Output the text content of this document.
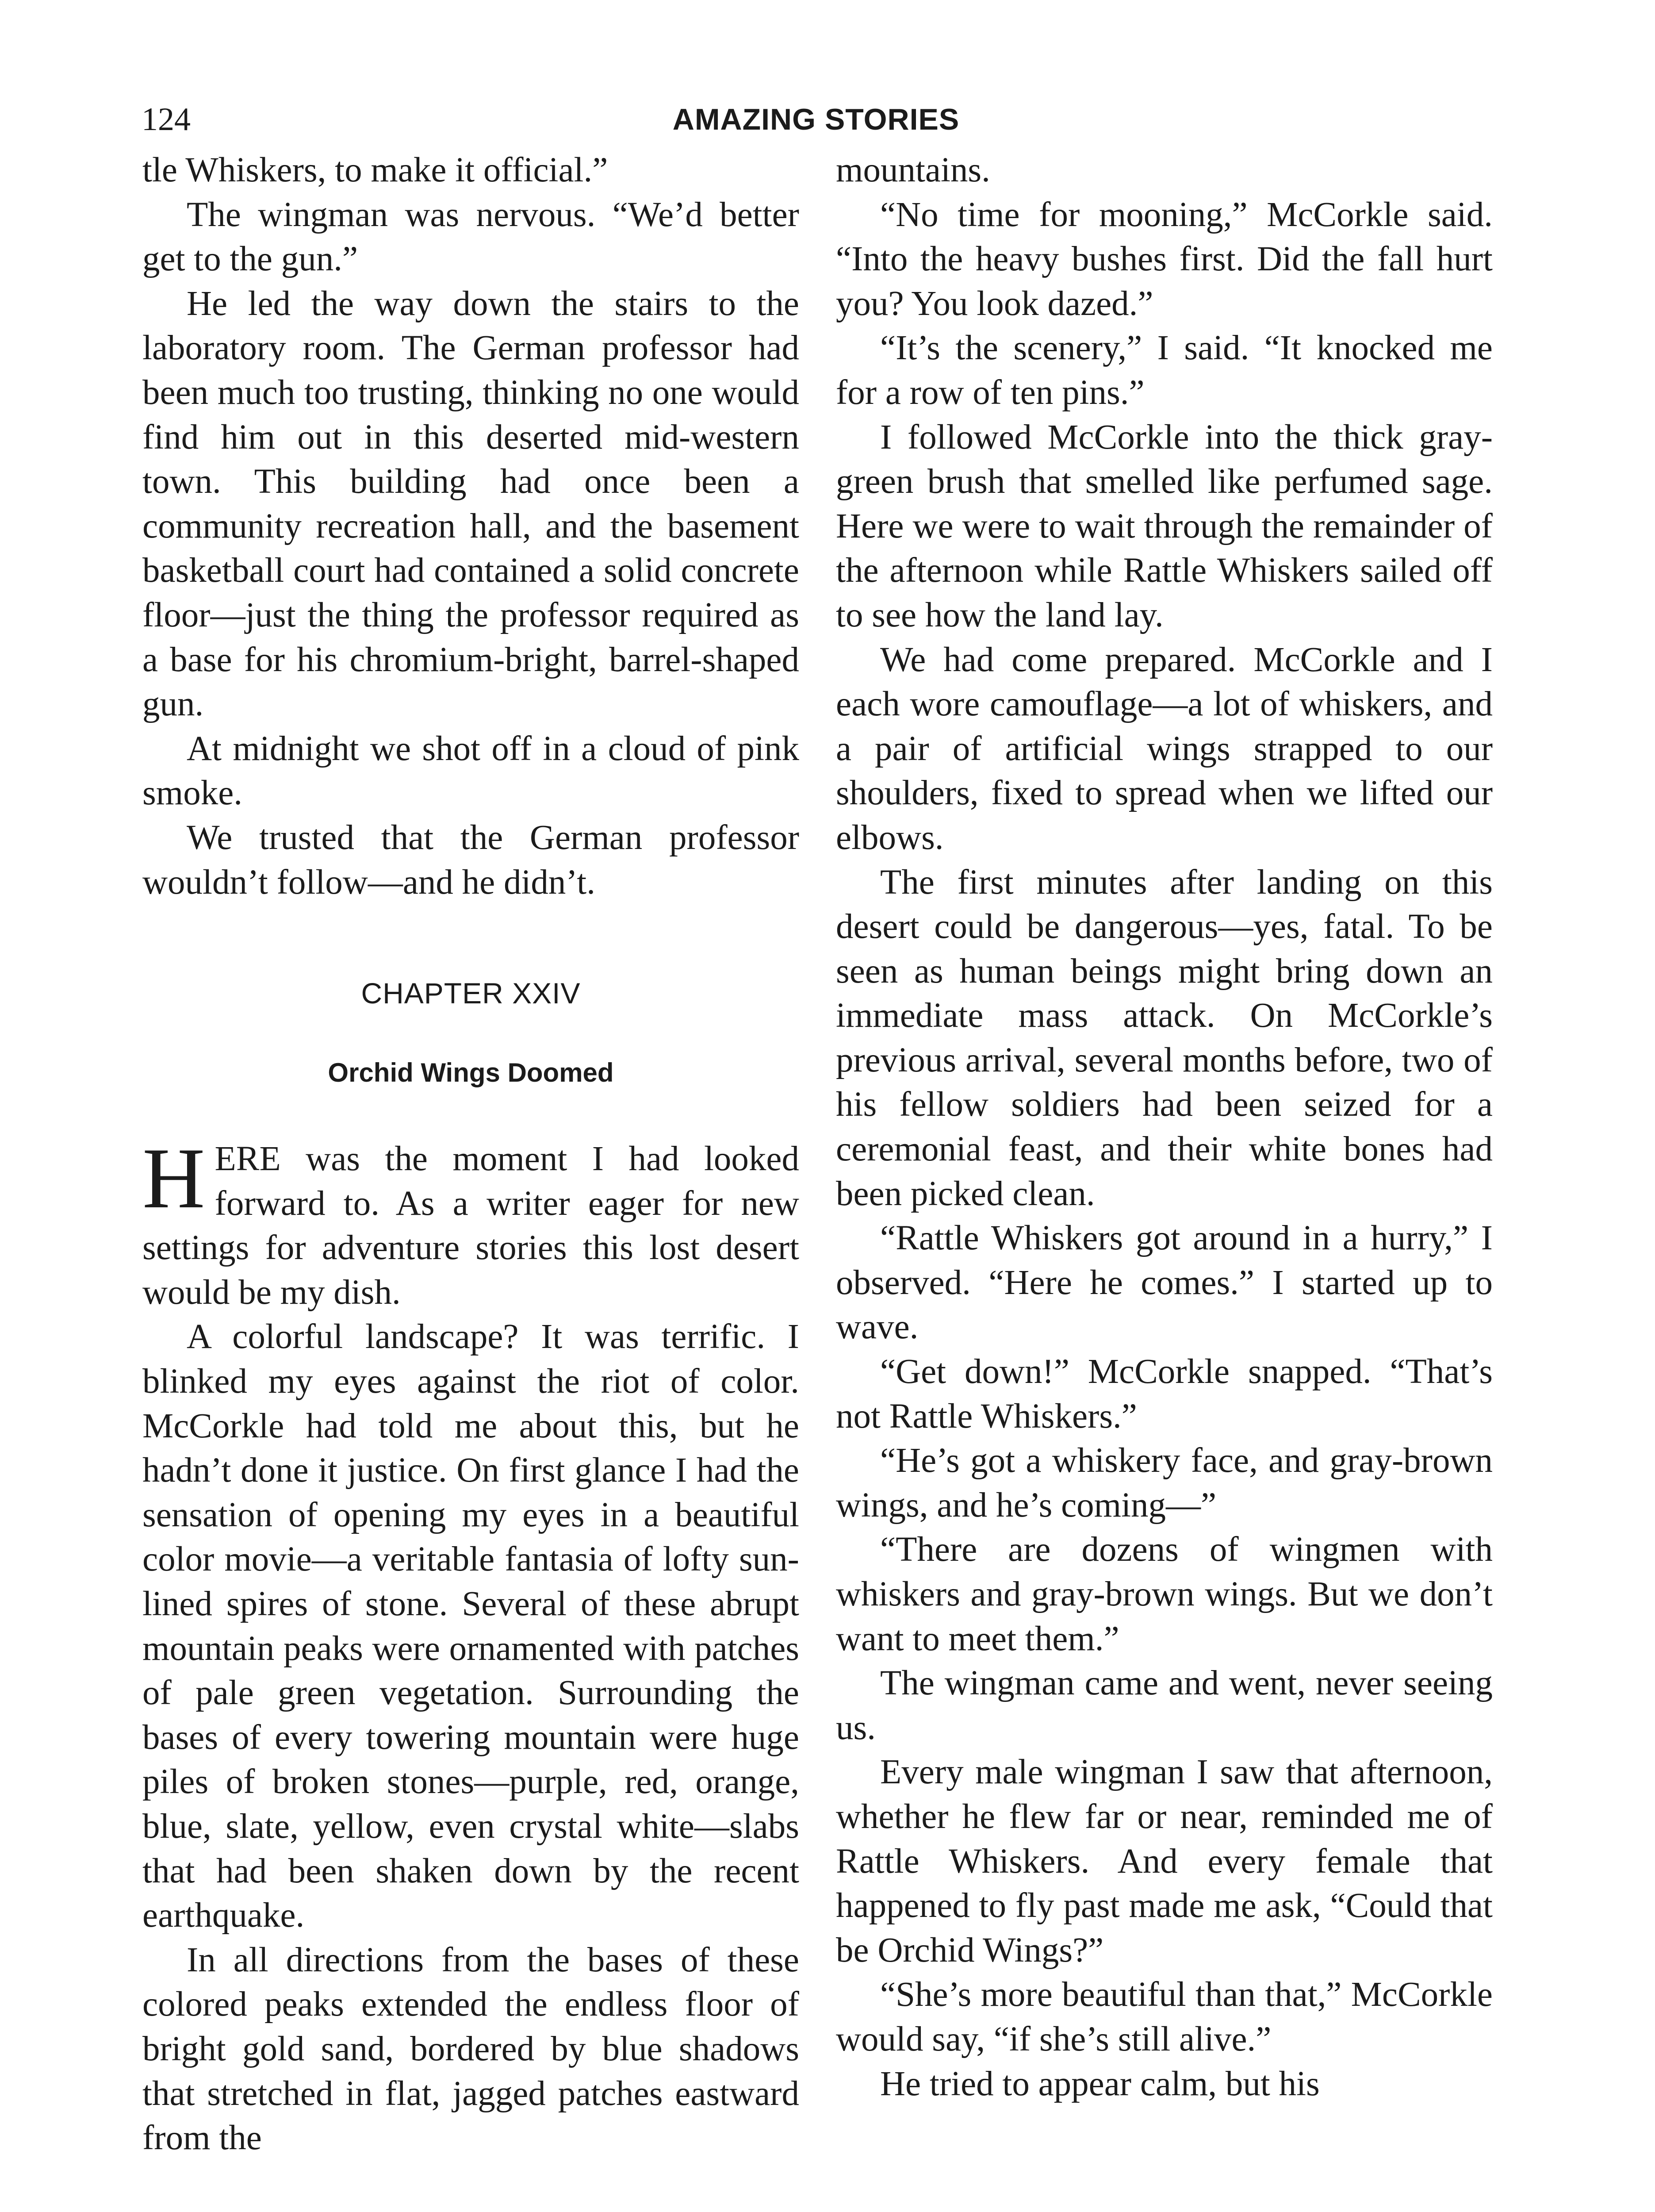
124	AMAZING STORIES

tle Whiskers, to make it official.”

The wingman was nervous. “We’d better get to the gun.”

He led the way down the stairs to the laboratory room. The German professor had been much too trusting, thinking no one would find him out in this deserted mid-western town. This building had once been a community recreation hall, and the basement basketball court had contained a solid concrete floor—just the thing the professor required as a base for his chromium-bright, barrel-shaped gun.

At midnight we shot off in a cloud of pink smoke.

We trusted that the German professor wouldn’t follow—and he didn’t.

CHAPTER XXIV
Orchid Wings Doomed

HERE was the moment I had looked forward to. As a writer eager for new settings for adventure stories this lost desert would be my dish.

A colorful landscape? It was terrific. I blinked my eyes against the riot of color. McCorkle had told me about this, but he hadn’t done it justice. On first glance I had the sensation of opening my eyes in a beautiful color movie—a veritable fantasia of lofty sun-lined spires of stone. Several of these abrupt mountain peaks were ornamented with patches of pale green vegetation. Surrounding the bases of every towering mountain were huge piles of broken stones—purple, red, orange, blue, slate, yellow, even crystal white—slabs that had been shaken down by the recent earthquake.

In all directions from the bases of these colored peaks extended the endless floor of bright gold sand, bordered by blue shadows that stretched in flat, jagged patches eastward from the

mountains.

“No time for mooning,” McCorkle said. “Into the heavy bushes first. Did the fall hurt you? You look dazed.”

“It’s the scenery,” I said. “It knocked me for a row of ten pins.”

I followed McCorkle into the thick gray-green brush that smelled like perfumed sage. Here we were to wait through the remainder of the afternoon while Rattle Whiskers sailed off to see how the land lay.

We had come prepared. McCorkle and I each wore camouflage—a lot of whiskers, and a pair of artificial wings strapped to our shoulders, fixed to spread when we lifted our elbows.

The first minutes after landing on this desert could be dangerous—yes, fatal. To be seen as human beings might bring down an immediate mass attack. On McCorkle’s previous arrival, several months before, two of his fellow soldiers had been seized for a ceremonial feast, and their white bones had been picked clean.

“Rattle Whiskers got around in a hurry,” I observed. “Here he comes.” I started up to wave.

“Get down!” McCorkle snapped. “That’s not Rattle Whiskers.”

“He’s got a whiskery face, and gray-brown wings, and he’s coming—”

“There are dozens of wingmen with whiskers and gray-brown wings. But we don’t want to meet them.”

The wingman came and went, never seeing us.

Every male wingman I saw that afternoon, whether he flew far or near, reminded me of Rattle Whiskers. And every female that happened to fly past made me ask, “Could that be Orchid Wings?”

“She’s more beautiful than that,” McCorkle would say, “if she’s still alive.”

He tried to appear calm, but his
